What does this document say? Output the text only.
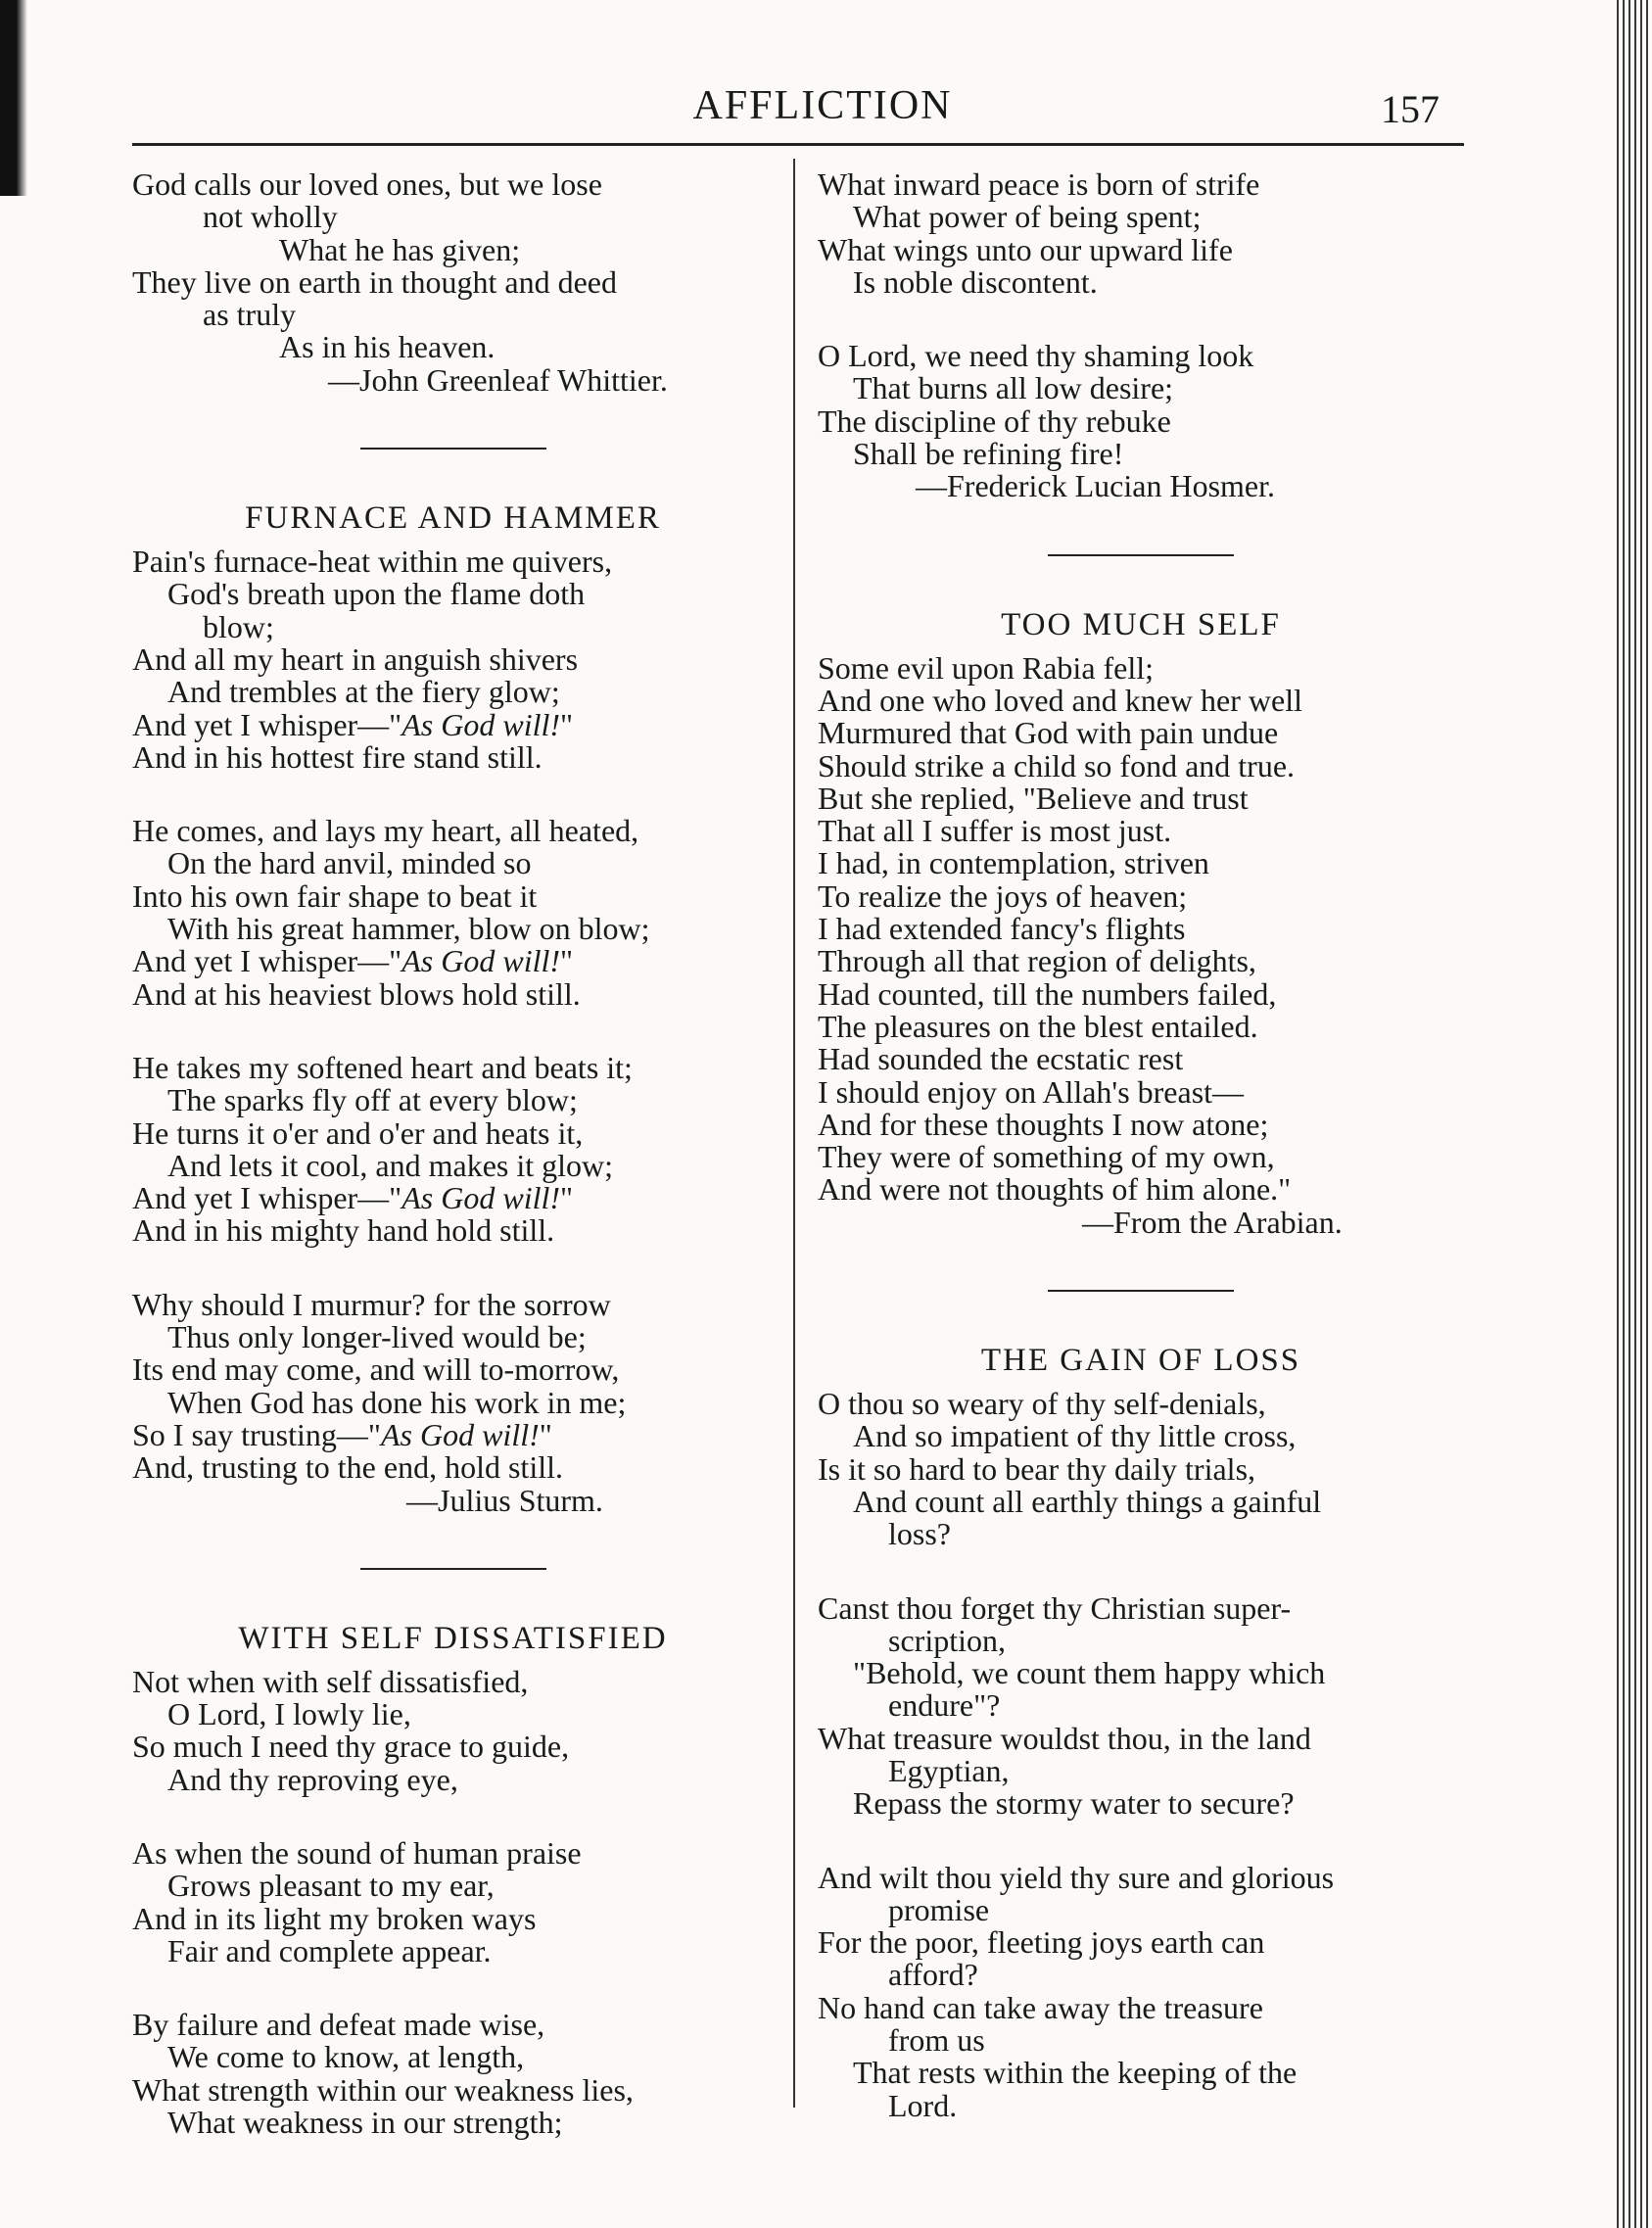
AFFLICTION	157
God calls our loved ones, but we lose
not wholly
What he has given;
They live on earth in thought and deed
as truly
As in his heaven.
—John Greenleaf Whittier.
FURNACE AND HAMMER
Pain's furnace-heat within me quivers,
God's breath upon the flame doth
blow;
And all my heart in anguish shivers
And trembles at the fiery glow;
And yet I whisper—"As God will!"
And in his hottest fire stand still.
He comes, and lays my heart, all heated,
On the hard anvil, minded so
Into his own fair shape to beat it
With his great hammer, blow on blow;
And yet I whisper—"As God will!"
And at his heaviest blows hold still.
He takes my softened heart and beats it;
The sparks fly off at every blow;
He turns it o'er and o'er and heats it,
And lets it cool, and makes it glow;
And yet I whisper—"As God will!"
And in his mighty hand hold still.
Why should I murmur? for the sorrow
Thus only longer-lived would be;
Its end may come, and will to-morrow,
When God has done his work in me;
So I say trusting—"As God will!"
And, trusting to the end, hold still.
—Julius Sturm.
WITH SELF DISSATISFIED
Not when with self dissatisfied,
O Lord, I lowly lie,
So much I need thy grace to guide,
And thy reproving eye,
As when the sound of human praise
Grows pleasant to my ear,
And in its light my broken ways
Fair and complete appear.
By failure and defeat made wise,
We come to know, at length,
What strength within our weakness lies,
What weakness in our strength;
What inward peace is born of strife
What power of being spent;
What wings unto our upward life
Is noble discontent.
O Lord, we need thy shaming look
That burns all low desire;
The discipline of thy rebuke
Shall be refining fire!
—Frederick Lucian Hosmer.
TOO MUCH SELF
Some evil upon Rabia fell;
And one who loved and knew her well
Murmured that God with pain undue
Should strike a child so fond and true.
But she replied, "Believe and trust
That all I suffer is most just.
I had, in contemplation, striven
To realize the joys of heaven;
I had extended fancy's flights
Through all that region of delights,
Had counted, till the numbers failed,
The pleasures on the blest entailed.
Had sounded the ecstatic rest
I should enjoy on Allah's breast—
And for these thoughts I now atone;
They were of something of my own,
And were not thoughts of him alone."
—From the Arabian.
THE GAIN OF LOSS
O thou so weary of thy self-denials,
And so impatient of thy little cross,
Is it so hard to bear thy daily trials,
And count all earthly things a gainful
loss?
Canst thou forget thy Christian super-
scription,
"Behold, we count them happy which
endure"?
What treasure wouldst thou, in the land
Egyptian,
Repass the stormy water to secure?
And wilt thou yield thy sure and glorious
promise
For the poor, fleeting joys earth can
afford?
No hand can take away the treasure
from us
That rests within the keeping of the
Lord.
